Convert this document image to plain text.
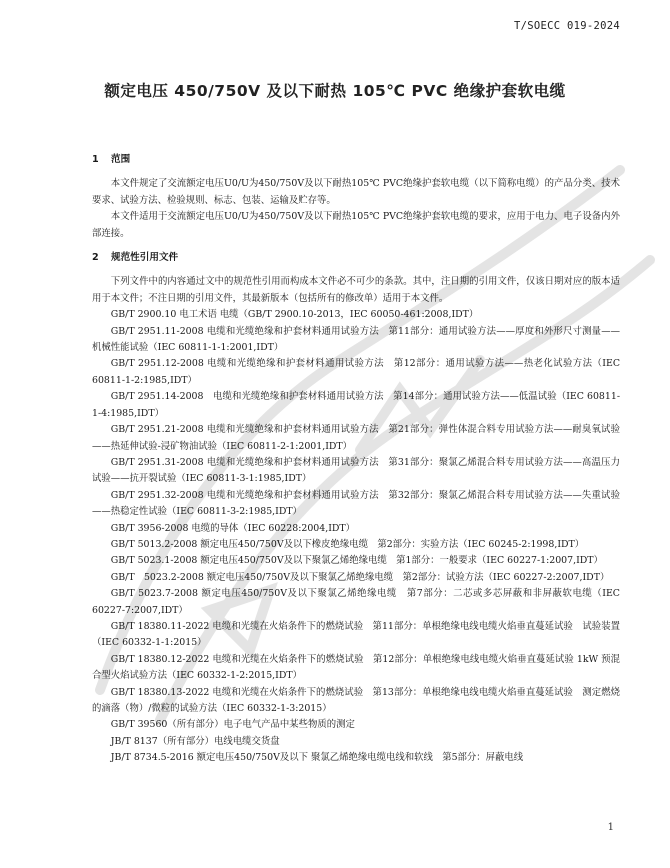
T/SOECC 019-2024
额定电压 450/750V 及以下耐热 105℃ PVC 绝缘护套软电缆
1 范围

本文件规定了交流额定电压U0/U为450/750V及以下耐热105℃ PVC绝缘护套软电缆（以下简称电缆）的产品分类、技术要求、试验方法、检验规则、标志、包装、运输及贮存等。

本文件适用于交流额定电压U0/U为450/750V及以下耐热105℃ PVC绝缘护套软电缆的要求，应用于电力、电子设备内外部连接。

2 规范性引用文件

下列文件中的内容通过文中的规范性引用而构成本文件必不可少的条款。其中，注日期的引用文件，仅该日期对应的版本适用于本文件；不注日期的引用文件，其最新版本（包括所有的修改单）适用于本文件。

GB/T 2900.10 电工术语 电缆（GB/T 2900.10-2013，IEC 60050-461:2008,IDT）

GB/T 2951.11-2008 电缆和光缆绝缘和护套材料通用试验方法　第11部分：通用试验方法——厚度和外形尺寸测量——机械性能试验（IEC 60811-1-1:2001,IDT）

GB/T 2951.12-2008 电缆和光缆绝缘和护套材料通用试验方法　第12部分：通用试验方法——热老化试验方法（IEC 60811-1-2:1985,IDT）

GB/T 2951.14-2008　电缆和光缆绝缘和护套材料通用试验方法　第14部分：通用试验方法——低温试验（IEC 60811-1-4:1985,IDT）

GB/T 2951.21-2008 电缆和光缆绝缘和护套材料通用试验方法　第21部分：弹性体混合料专用试验方法——耐臭氧试验——热延伸试验-浸矿物油试验（IEC 60811-2-1:2001,IDT）

GB/T 2951.31-2008 电缆和光缆绝缘和护套材料通用试验方法　第31部分：聚氯乙烯混合料专用试验方法——高温压力试验——抗开裂试验（IEC 60811-3-1:1985,IDT）

GB/T 2951.32-2008 电缆和光缆绝缘和护套材料通用试验方法　第32部分：聚氯乙烯混合料专用试验方法——失重试验——热稳定性试验（IEC 60811-3-2:1985,IDT）

GB/T 3956-2008 电缆的导体（IEC 60228:2004,IDT）

GB/T 5013.2-2008 额定电压450/750V及以下橡皮绝缘电缆　第2部分：实验方法（IEC 60245-2:1998,IDT）

GB/T 5023.1-2008 额定电压450/750V及以下聚氯乙烯绝缘电缆　第1部分：一般要求（IEC 60227-1:2007,IDT）

GB/T　5023.2-2008 额定电压450/750V及以下聚氯乙烯绝缘电缆　第2部分：试验方法（IEC 60227-2:2007,IDT）

GB/T 5023.7-2008 额定电压450/750V及以下聚氯乙烯绝缘电缆　第7部分：二芯或多芯屏蔽和非屏蔽软电缆（IEC 60227-7:2007,IDT）

GB/T 18380.11-2022 电缆和光缆在火焰条件下的燃烧试验　第11部分：单根绝缘电线电缆火焰垂直蔓延试验　试验装置（IEC 60332-1-1:2015）

GB/T 18380.12-2022 电缆和光缆在火焰条件下的燃烧试验　第12部分：单根绝缘电线电缆火焰垂直蔓延试验 1kW 预混合型火焰试验方法（IEC 60332-1-2:2015,IDT）

GB/T 18380.13-2022 电缆和光缆在火焰条件下的燃烧试验　第13部分：单根绝缘电线电缆火焰垂直蔓延试验　测定燃烧的滴落（物）/微粒的试验方法（IEC 60332-1-3:2015）

GB/T 39560（所有部分）电子电气产品中某些物质的测定

JB/T 8137（所有部分）电线电缆交货盘

JB/T 8734.5-2016 额定电压450/750V及以下 聚氯乙烯绝缘电缆电线和软线　第5部分：屏蔽电线

1
